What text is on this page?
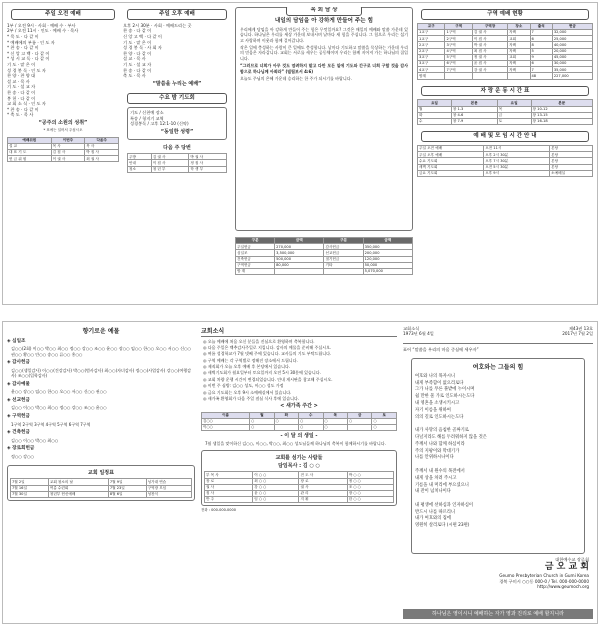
주일 오전 예배
1부 / 오전 9시 · 사회 · 예배 수 · 부사
2부 / 오전 11시 · 인도 · 예배 수 · 목사
* 묵 도 · 다 같 이
* 예배에의 부름 · 인 도 자
* 찬 송 · 다 같 이
* 신 앙 고 백 · 다 같 이
* 성 시 교 독 · 다 같 이
기 도 · 맡 은 이
성 경 봉 독 · 인 도 자
찬 양 · 찬 양 대
설 교 · 목 사
기 도 · 설 교 자
찬 송 · 다 같 이
봉 헌 · 다 같 이
교 회 소 식 · 인 도 자
* 찬 송 · 다 같 이
* 축 도 · 목 사
“공주의 소원의 성취”
* 표에는 일어서 주십시오
예배위원	이번주	다음주
설 교	목 사	목 사
대 표 기 도	김 집 사	박 집 사
헌 금 위 원	이 권 사	최 권 사
주일 오후 예배
오후 2시 30분 · 사회 · 예배드리는 곳
찬 송 · 다 같 이
신 앙 고 백 · 다 같 이
기 도 · 맡 은 이
성 경 봉 독 · 사 회 자
찬 양 · 다 같 이
설 교 · 목 사
기 도 · 설 교 자
찬 송 · 다 같 이
축 도 · 목 사
“말씀을 누리는 예배”
수요 밤 기도회
기도 / 신천예 장소
특송 / 청지기 교역
성경봉독 / 고후 12:1-10 (신약)
“동일한 성령”
다음 주 당번
주방	김 권 사	박 권 사
안내	이 집 사	정 집 사
청소	청 년 부	학 생 부
목 회 담 상
내일의 담임을 아 강하게 만들어 주는 힘

우리에게 담임을 아 강하게 만들어 주는 힘은 무엇일까요? 그것은 매일의 예배와 말씀 가운데 있습니다. 하나님은 우리를 세상 가운데 보내시며 날마다 새 힘을 주십니다. 그 힘으로 우리는 섬기고 사랑하며 이웃과 함께 걸어갑니다.

작은 일에 충성하는 사람이 큰 일에도 충성합니다. 날마다 기도하고 말씀을 묵상하는 가운데 우리의 믿음은 자라갑니다. 교회는 서로를 세우는 공동체이며 우리는 함께 지어져 가는 하나님의 집입니다.

“그러므로 너희가 아무 것도 염려하지 말고 다만 모든 일에 기도와 간구로 너희 구할 것을 감사함으로 하나님께 아뢰라” (빌립보서 4:6)

오늘도 주님의 은혜 가운데 승리하는 한 주가 되시기를 바랍니다.

구분	금액	구분	금액
주일헌금	270,000	감사헌금	350,000
십일조	3,500,000	선교헌금	200,000
건축헌금	500,000	절기헌금	120,000
구역헌금	80,000	기타	50,000
합 계			5,070,000
구역 예배 현황
교구	구역	구역장	장소	출석	헌금
1교구	1구역	김 권 사	자택	7	32,000
1교구	2구역	이 집 사	교회	6	25,000
2교구	3구역	박 권 사	자택	8	40,000
2교구	4구역	최 집 사	자택	5	20,000
3교구	5구역	정 권 사	교회	9	45,000
3교구	6구역	윤 집 사	자택	6	30,000
4교구	7구역	강 권 사	자택	7	35,000
합계				48	227,000
자 랑 운 동 시 간 표
요일	본문	요일	본문
월	창 1-3	목	창 10-12
화	창 4-6	금	창 13-15
수	창 7-9	토	창 16-18
예 배 및 모 임 시 간 안 내
주일 오전 예배	오전 11시	본당
주일 오후 예배	오후 2시 30분	본당
수요 기도회	오후 7시 30분	본당
새벽 기도회	오전 5시 30분	본당
금요 기도회	오후 9시	소예배실
향기로운 예물
◈ 십일조
김○○(2회) 이○○ 박○○ 최○○ 정○○ 강○○ 조○○ 윤○○ 장○○ 임○○ 한○○ 오○○ 서○○ 신○○ 권○○ 황○○ 안○○ 송○○ 류○○ 홍○○
◈ 감사헌금
김○○(생일감사) 이○○(건강감사) 박○○(범사감사) 최○○(자녀감사) 정○○(사업감사) 강○○(여행감사) 조○○(입학감사)
◈ 감사예물
윤○○ 장○○ 임○○ 한○○ 오○○ 서○○ 신○○ 권○○
◈ 선교헌금
김○○ 이○○ 박○○ 최○○ 정○○ 강○○ 조○○ 윤○○
◈ 구역헌금
1구역 2구역 3구역 4구역 5구역 6구역 7구역
◈ 건축헌금
김○○ 이○○ 박○○ 최○○
◈ 장로회헌금
정○○ 강○○
교회 일정표
7월 2일	교회 청소의 날	7월 9일	성가대 연습
7월 16일	여름 수련회	7월 23일	구역장 모임
7월 30일	청년부 헌신예배	8월 6일	성찬식
교회소식
◎ 오늘 예배에 처음 오신 분들을 진심으로 환영하며 축복합니다.
◎ 다음 주일은 맥추감사주일로 지킵니다. 감사의 예물을 준비해 주십시오.
◎ 여름 성경학교가 7월 넷째 주에 있습니다. 교사들의 기도 부탁드립니다.
◎ 구역 예배는 각 구역별로 정해진 장소에서 드립니다.
◎ 제직회가 오늘 오후 예배 후 본당에서 있습니다.
◎ 새벽기도회가 월요일부터 토요일까지 오전 5시 30분에 있습니다.
◎ 교회 차량 운행 시간이 변경되었습니다. 안내 게시판을 참고해 주십시오.
◎ 이번 주 심방: 김○○ 성도, 이○○ 성도 가정
◎ 금요 기도회는 오후 9시 소예배실에서 있습니다.
◎ 새가족 환영회가 다음 주일 점심 식사 후에 있습니다.
< 새가족 주간 >
이름	월	화	수	목	금	토
김○○	○	○	○	○	○	○
이○○	○		○	○		○
- 이 달 의 생일 -

7월 생일을 맞이하신 김○○, 이○○, 박○○, 최○○ 성도님들께 하나님의 축복이 함께하시기를 바랍니다.

교회를 섬기는 사람들
담임목사 : 김 ○ ○
부 목 사	이 ○ ○	전 도 사	박 ○ ○
장 로	최 ○ ○	장 로	정 ○ ○
권 사	강 ○ ○	권 사	조 ○ ○
집 사	윤 ○ ○	관 리	장 ○ ○
반 주	임 ○ ○	지 휘	한 ○ ○
전화 : 000-000-0000
교회소식
1973년 6월 4일
제43권 13호
2017년 7월 2일
표어 “말씀을 우리의 마음 중심에 세우자”
여호와는 그들의 힘
여호와 나의 목자시니
내게 부족함이 없으리로다
그가 나를 푸른 풀밭에 누이시며
쉴 만한 물 가로 인도하시는도다
내 영혼을 소생시키시고
자기 이름을 위하여
의의 길로 인도하시는도다
내가 사망의 음침한 골짜기로
다닐지라도 해를 두려워하지 않을 것은
주께서 나와 함께 하심이라
주의 지팡이와 막대기가
나를 안위하시나이다
주께서 내 원수의 목전에서
내게 상을 차려 주시고
기름을 내 머리에 부으셨으니
내 잔이 넘치나이다
내 평생에 선하심과 인자하심이
반드시 나를 따르리니
내가 여호와의 집에
영원히 살리로다 (시편 23편)
대한예수교 장로회
금 오 교 회
Geumo Presbyterian Church in Gumi Korea
경북 구미시 ○○동 000-0 / Tel. 000-000-0000
http://www.geumoch.org
하나님은 영이시니 예배하는 자가 영과 진리로 예배 할지니라
